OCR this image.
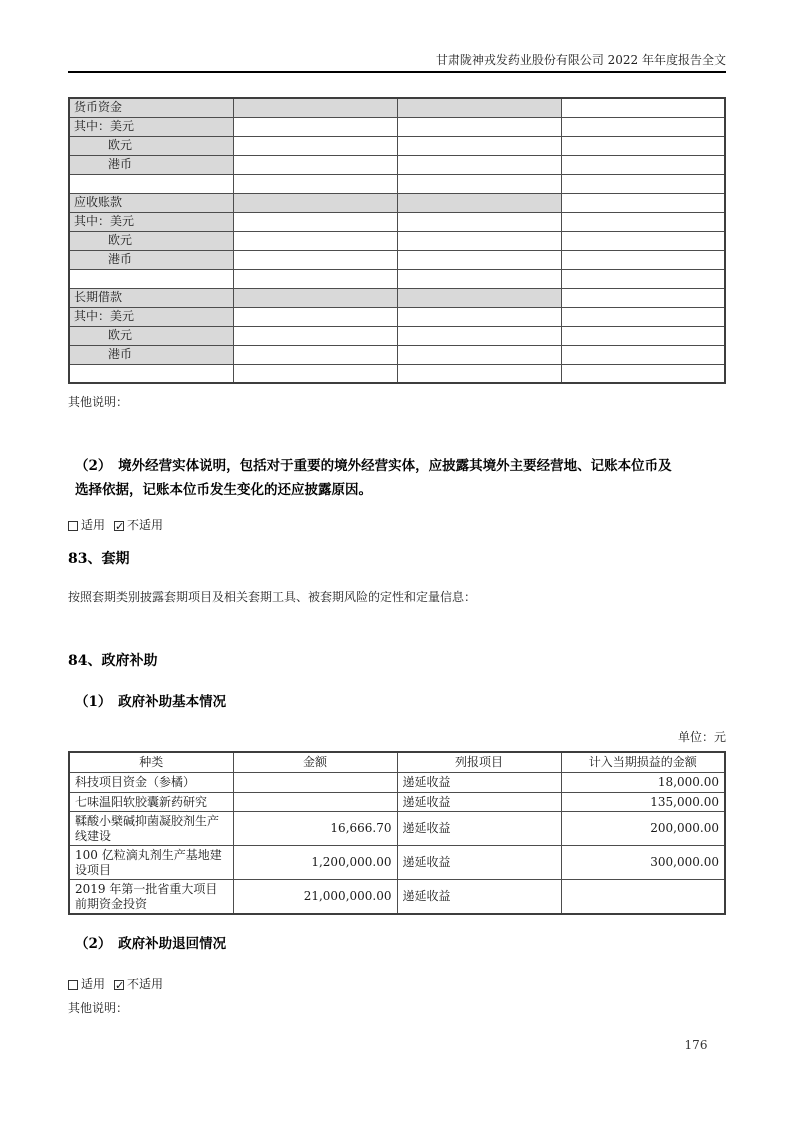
甘肃陇神戎发药业股份有限公司 2022 年年度报告全文
货币资金			
其中：美元			
欧元			
港币			

应收账款			
其中：美元			
欧元			
港币			

长期借款			
其中：美元			
欧元			
港币			

其他说明：
（2）　境外经营实体说明，包括对于重要的境外经营实体，应披露其境外主要经营地、记账本位币及选择依据，记账本位币发生变化的还应披露原因。
适用 ✓ 不适用
83、套期
按照套期类别披露套期项目及相关套期工具、被套期风险的定性和定量信息：
84、政府补助
（1）　政府补助基本情况
单位：元
种类	金额	列报项目	计入当期损益的金额
科技项目资金（参橘）		递延收益	18,000.00
七味温阳软胶囊新药研究		递延收益	135,000.00
鞣酸小檗碱抑菌凝胶剂生产线建设	16,666.70	递延收益	200,000.00
100 亿粒滴丸剂生产基地建设项目	1,200,000.00	递延收益	300,000.00
2019 年第一批省重大项目前期资金投资	21,000,000.00	递延收益	
（2）　政府补助退回情况
适用 ✓ 不适用
其他说明：
176
